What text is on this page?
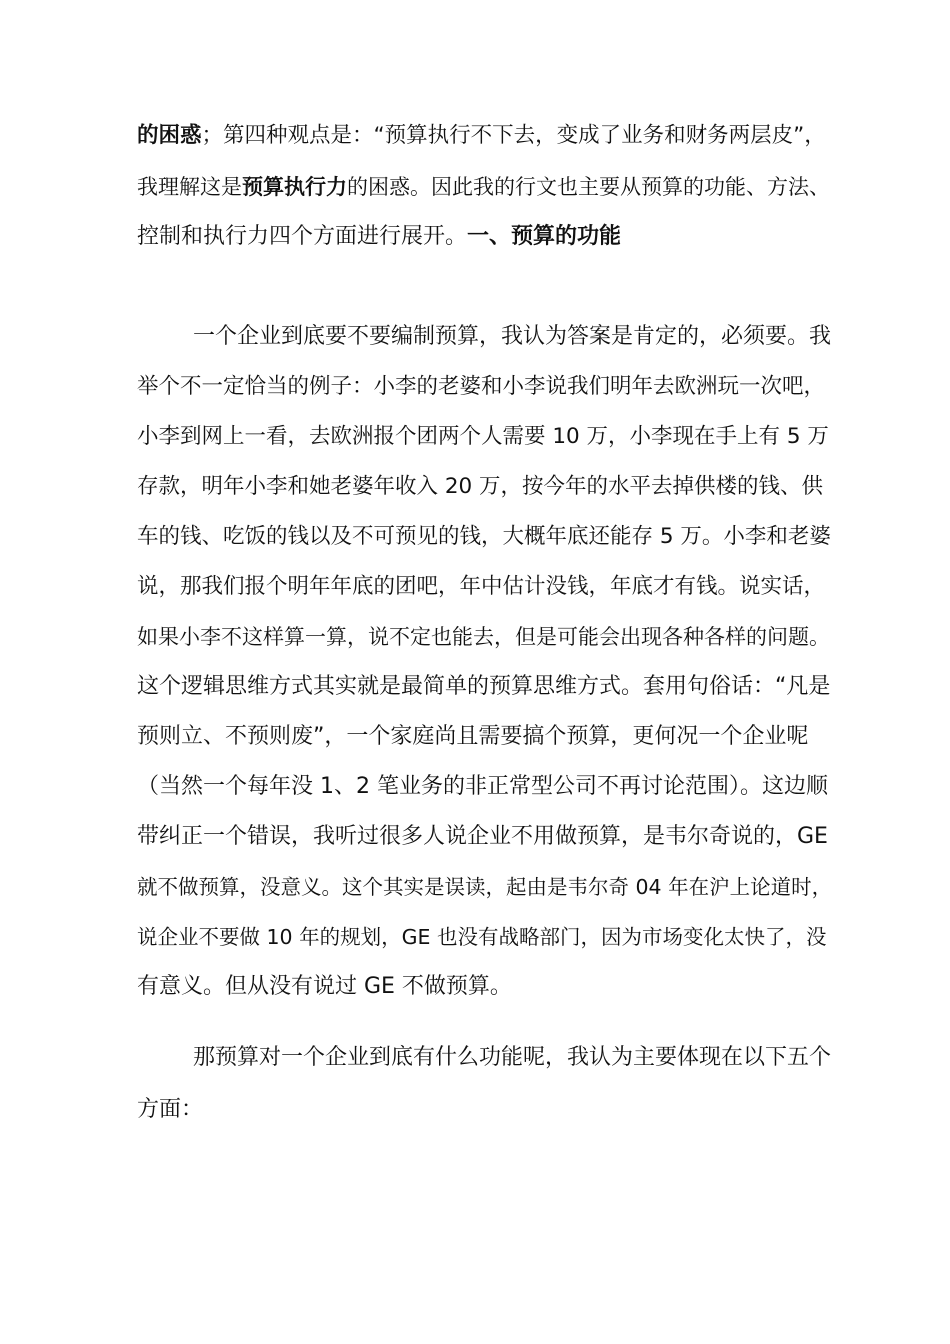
的困惑；第四种观点是：“预算执行不下去，变成了业务和财务两层皮”，
我理解这是预算执行力的困惑。因此我的行文也主要从预算的功能、方法、
控制和执行力四个方面进行展开。一、预算的功能
一个企业到底要不要编制预算，我认为答案是肯定的，必须要。我
举个不一定恰当的例子：小李的老婆和小李说我们明年去欧洲玩一次吧，
小李到网上一看，去欧洲报个团两个人需要 10 万，小李现在手上有 5 万
存款，明年小李和她老婆年收入 20 万，按今年的水平去掉供楼的钱、供
车的钱、吃饭的钱以及不可预见的钱，大概年底还能存 5 万。小李和老婆
说，那我们报个明年年底的团吧，年中估计没钱，年底才有钱。说实话，
如果小李不这样算一算，说不定也能去，但是可能会出现各种各样的问题。
这个逻辑思维方式其实就是最简单的预算思维方式。套用句俗话：“凡是
预则立、不预则废”，一个家庭尚且需要搞个预算，更何况一个企业呢
（当然一个每年没 1、2 笔业务的非正常型公司不再讨论范围）。这边顺
带纠正一个错误，我听过很多人说企业不用做预算，是韦尔奇说的，GE
就不做预算，没意义。这个其实是误读，起由是韦尔奇 04 年在沪上论道时，
说企业不要做 10 年的规划，GE 也没有战略部门，因为市场变化太快了，没
有意义。但从没有说过 GE 不做预算。
那预算对一个企业到底有什么功能呢，我认为主要体现在以下五个
方面：
